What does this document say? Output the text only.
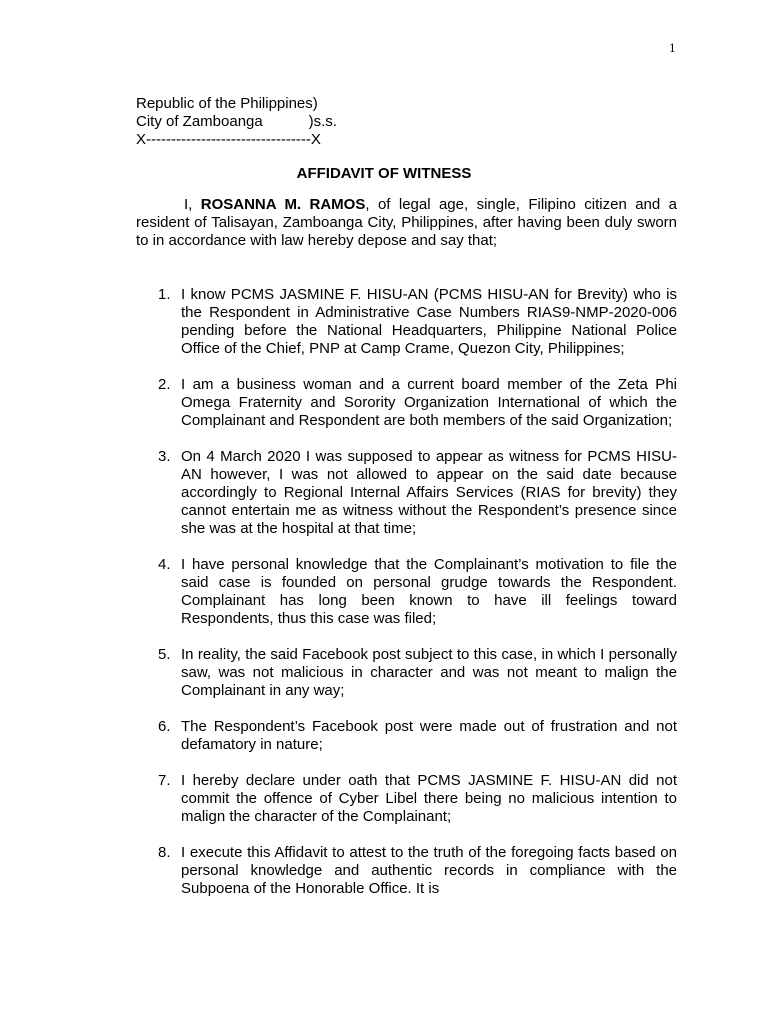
1
Republic of the Philippines)
City of Zamboanga           )s.s.
X---------------------------------X
AFFIDAVIT OF WITNESS

I, ROSANNA M. RAMOS, of legal age, single, Filipino citizen and a resident of Talisayan, Zamboanga City, Philippines, after having been duly sworn to in accordance with law hereby depose and say that;

1. I know PCMS JASMINE F. HISU-AN (PCMS HISU-AN for Brevity) who is the Respondent in Administrative Case Numbers RIAS9-NMP-2020-006 pending before the National Headquarters, Philippine National Police Office of the Chief, PNP at Camp Crame, Quezon City, Philippines;
2. I am a business woman and a current board member of the Zeta Phi Omega Fraternity and Sorority Organization International of which the Complainant and Respondent are both members of the said Organization;
3. On 4 March 2020 I was supposed to appear as witness for PCMS HISU-AN however, I was not allowed to appear on the said date because accordingly to Regional Internal Affairs Services (RIAS for brevity) they cannot entertain me as witness without the Respondent’s presence since she was at the hospital at that time;
4. I have personal knowledge that the Complainant’s motivation to file the said case is founded on personal grudge towards the Respondent. Complainant has long been known to have ill feelings toward Respondents, thus this case was filed;
5. In reality, the said Facebook post subject to this case, in which I personally saw, was not malicious in character and was not meant to malign the Complainant in any way;
6. The Respondent’s Facebook post were made out of frustration and not defamatory in nature;
7. I hereby declare under oath that PCMS JASMINE F. HISU-AN did not commit the offence of Cyber Libel there being no malicious intention to malign the character of the Complainant;
8. I execute this Affidavit to attest to the truth of the foregoing facts based on personal knowledge and authentic records in compliance with the Subpoena of the Honorable Office. It is
